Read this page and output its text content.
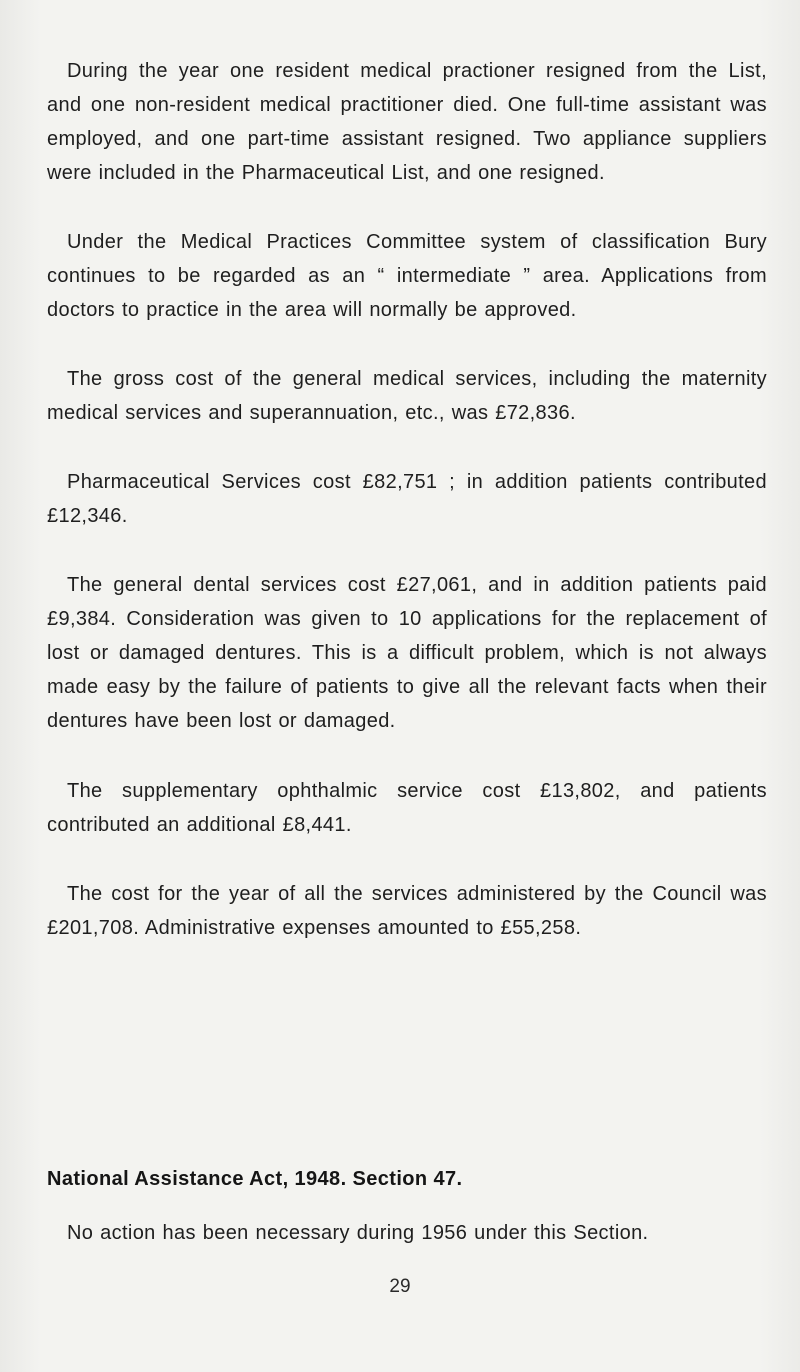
During the year one resident medical practioner resigned from the List, and one non-resident medical practitioner died. One full-time assistant was employed, and one part-time assistant resigned. Two appliance suppliers were included in the Pharmaceutical List, and one resigned.

Under the Medical Practices Committee system of classification Bury continues to be regarded as an “ intermediate ” area. Applications from doctors to practice in the area will normally be approved.

The gross cost of the general medical services, including the maternity medical services and superannuation, etc., was £72,836.

Pharmaceutical Services cost £82,751 ; in addition patients contributed £12,346.

The general dental services cost £27,061, and in addition patients paid £9,384. Consideration was given to 10 applications for the replacement of lost or damaged dentures. This is a difficult problem, which is not always made easy by the failure of patients to give all the relevant facts when their dentures have been lost or damaged.

The supplementary ophthalmic service cost £13,802, and patients contributed an additional £8,441.

The cost for the year of all the services administered by the Council was £201,708. Administrative expenses amounted to £55,258.

National Assistance Act, 1948. Section 47.

No action has been necessary during 1956 under this Section.

29
